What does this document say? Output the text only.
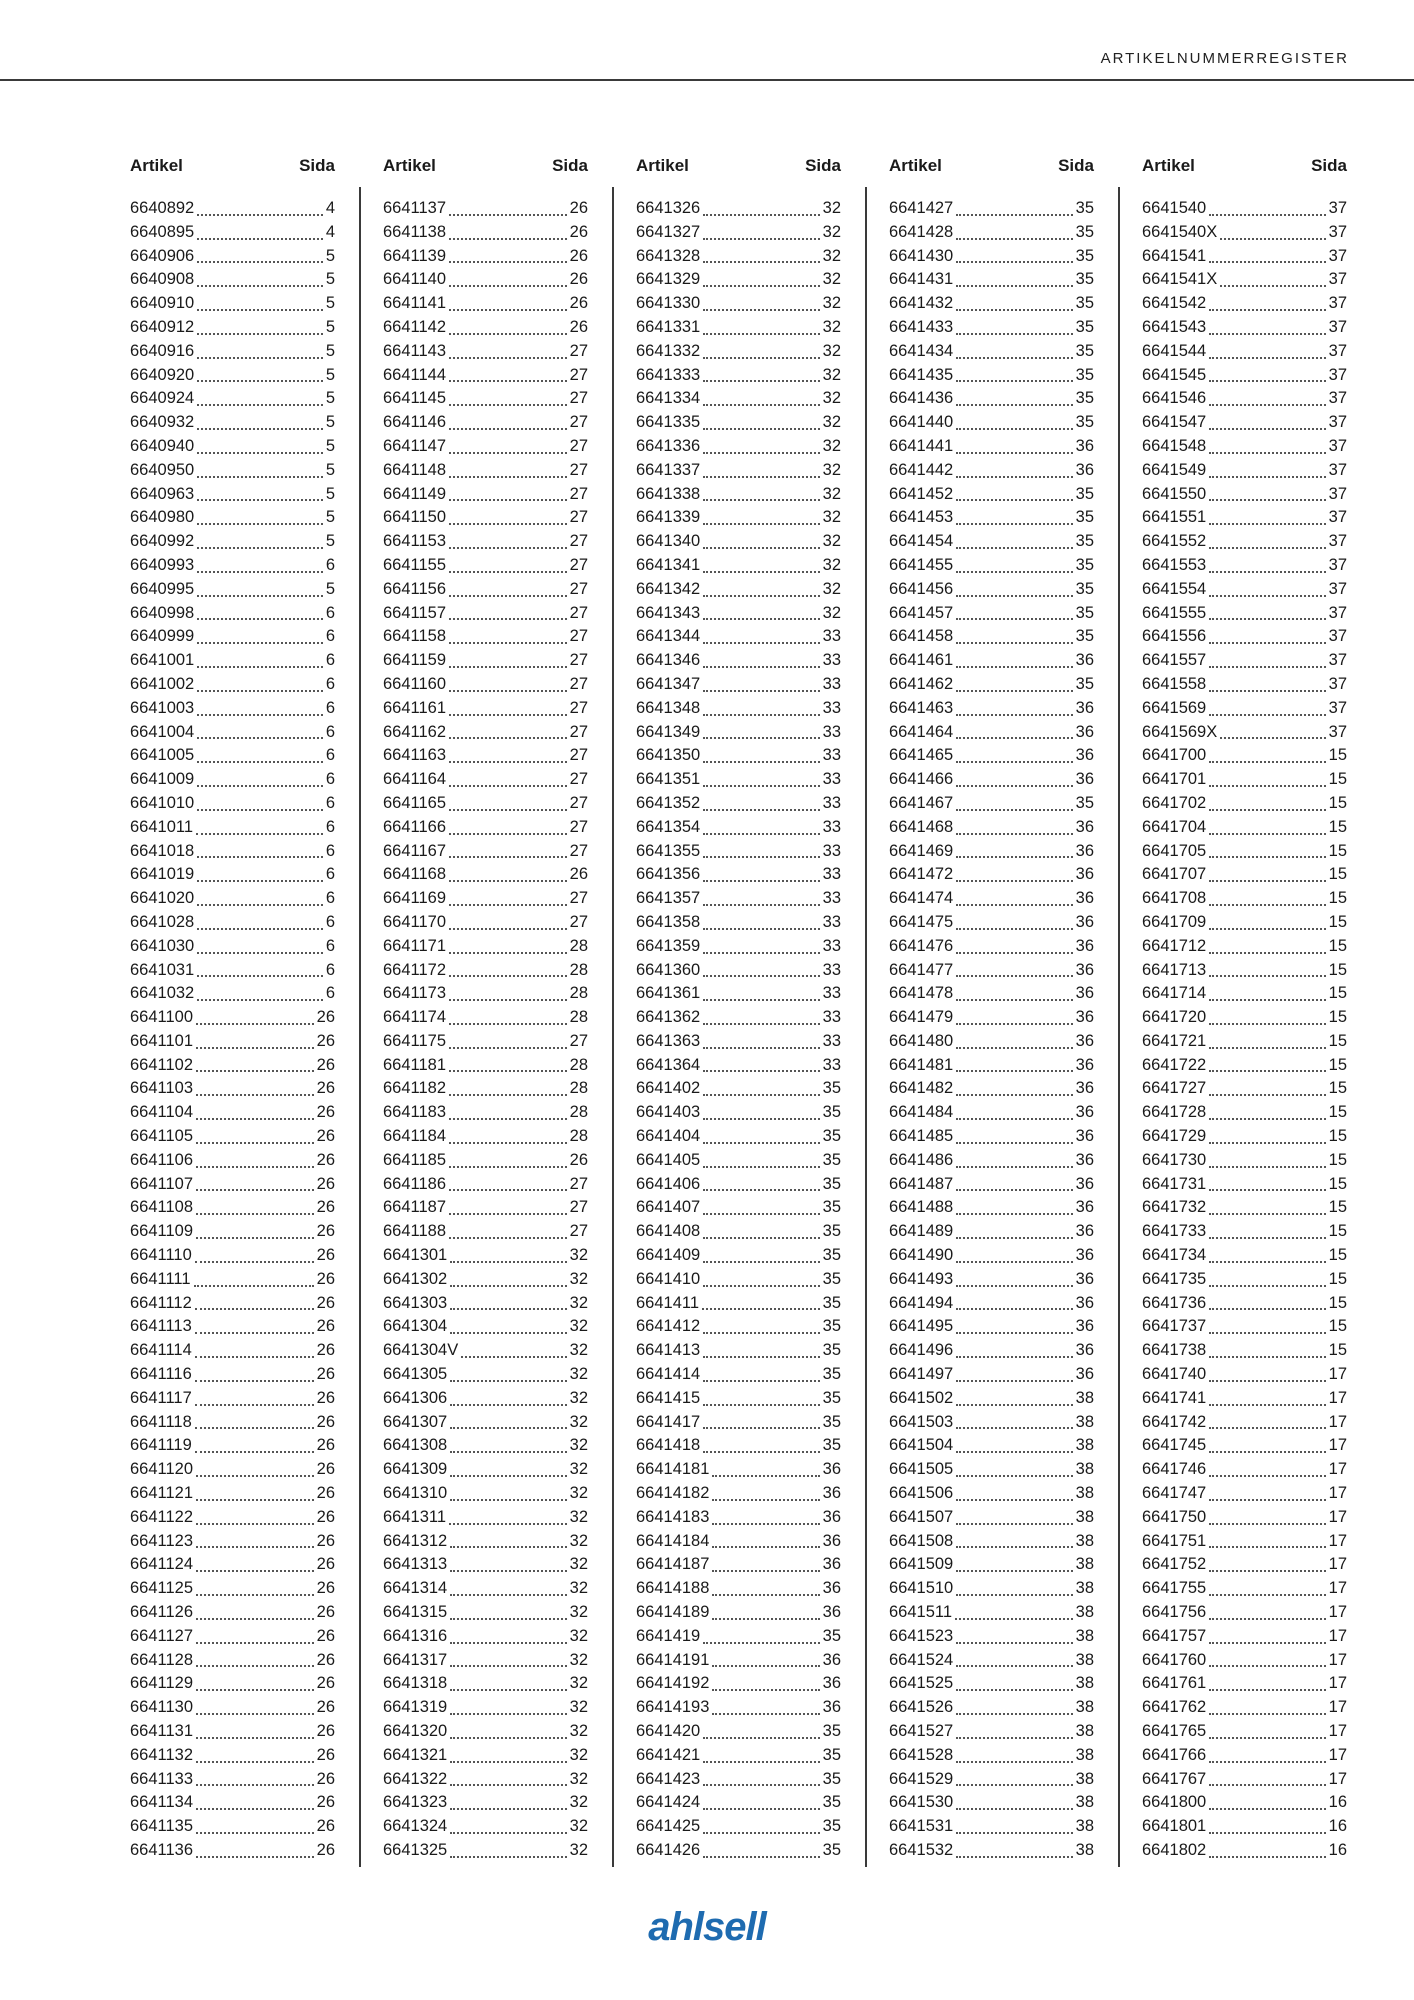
ARTIKELNUMMERREGISTER
Artikel	Sida
6640892	4
6640895	4
6640906	5
6640908	5
6640910	5
6640912	5
6640916	5
6640920	5
6640924	5
6640932	5
6640940	5
6640950	5
6640963	5
6640980	5
6640992	5
6640993	6
6640995	5
6640998	6
6640999	6
6641001	6
6641002	6
6641003	6
6641004	6
6641005	6
6641009	6
6641010	6
6641011	6
6641018	6
6641019	6
6641020	6
6641028	6
6641030	6
6641031	6
6641032	6
6641100	26
6641101	26
6641102	26
6641103	26
6641104	26
6641105	26
6641106	26
6641107	26
6641108	26
6641109	26
6641110	26
6641111	26
6641112	26
6641113	26
6641114	26
6641116	26
6641117	26
6641118	26
6641119	26
6641120	26
6641121	26
6641122	26
6641123	26
6641124	26
6641125	26
6641126	26
6641127	26
6641128	26
6641129	26
6641130	26
6641131	26
6641132	26
6641133	26
6641134	26
6641135	26
6641136	26
Artikel	Sida
6641137	26
6641138	26
6641139	26
6641140	26
6641141	26
6641142	26
6641143	27
6641144	27
6641145	27
6641146	27
6641147	27
6641148	27
6641149	27
6641150	27
6641153	27
6641155	27
6641156	27
6641157	27
6641158	27
6641159	27
6641160	27
6641161	27
6641162	27
6641163	27
6641164	27
6641165	27
6641166	27
6641167	27
6641168	26
6641169	27
6641170	27
6641171	28
6641172	28
6641173	28
6641174	28
6641175	27
6641181	28
6641182	28
6641183	28
6641184	28
6641185	26
6641186	27
6641187	27
6641188	27
6641301	32
6641302	32
6641303	32
6641304	32
6641304V	32
6641305	32
6641306	32
6641307	32
6641308	32
6641309	32
6641310	32
6641311	32
6641312	32
6641313	32
6641314	32
6641315	32
6641316	32
6641317	32
6641318	32
6641319	32
6641320	32
6641321	32
6641322	32
6641323	32
6641324	32
6641325	32
Artikel	Sida
6641326	32
6641327	32
6641328	32
6641329	32
6641330	32
6641331	32
6641332	32
6641333	32
6641334	32
6641335	32
6641336	32
6641337	32
6641338	32
6641339	32
6641340	32
6641341	32
6641342	32
6641343	32
6641344	33
6641346	33
6641347	33
6641348	33
6641349	33
6641350	33
6641351	33
6641352	33
6641354	33
6641355	33
6641356	33
6641357	33
6641358	33
6641359	33
6641360	33
6641361	33
6641362	33
6641363	33
6641364	33
6641402	35
6641403	35
6641404	35
6641405	35
6641406	35
6641407	35
6641408	35
6641409	35
6641410	35
6641411	35
6641412	35
6641413	35
6641414	35
6641415	35
6641417	35
6641418	35
66414181	36
66414182	36
66414183	36
66414184	36
66414187	36
66414188	36
66414189	36
6641419	35
66414191	36
66414192	36
66414193	36
6641420	35
6641421	35
6641423	35
6641424	35
6641425	35
6641426	35
Artikel	Sida
6641427	35
6641428	35
6641430	35
6641431	35
6641432	35
6641433	35
6641434	35
6641435	35
6641436	35
6641440	35
6641441	36
6641442	36
6641452	35
6641453	35
6641454	35
6641455	35
6641456	35
6641457	35
6641458	35
6641461	36
6641462	35
6641463	36
6641464	36
6641465	36
6641466	36
6641467	35
6641468	36
6641469	36
6641472	36
6641474	36
6641475	36
6641476	36
6641477	36
6641478	36
6641479	36
6641480	36
6641481	36
6641482	36
6641484	36
6641485	36
6641486	36
6641487	36
6641488	36
6641489	36
6641490	36
6641493	36
6641494	36
6641495	36
6641496	36
6641497	36
6641502	38
6641503	38
6641504	38
6641505	38
6641506	38
6641507	38
6641508	38
6641509	38
6641510	38
6641511	38
6641523	38
6641524	38
6641525	38
6641526	38
6641527	38
6641528	38
6641529	38
6641530	38
6641531	38
6641532	38
Artikel	Sida
6641540	37
6641540X	37
6641541	37
6641541X	37
6641542	37
6641543	37
6641544	37
6641545	37
6641546	37
6641547	37
6641548	37
6641549	37
6641550	37
6641551	37
6641552	37
6641553	37
6641554	37
6641555	37
6641556	37
6641557	37
6641558	37
6641569	37
6641569X	37
6641700	15
6641701	15
6641702	15
6641704	15
6641705	15
6641707	15
6641708	15
6641709	15
6641712	15
6641713	15
6641714	15
6641720	15
6641721	15
6641722	15
6641727	15
6641728	15
6641729	15
6641730	15
6641731	15
6641732	15
6641733	15
6641734	15
6641735	15
6641736	15
6641737	15
6641738	15
6641740	17
6641741	17
6641742	17
6641745	17
6641746	17
6641747	17
6641750	17
6641751	17
6641752	17
6641755	17
6641756	17
6641757	17
6641760	17
6641761	17
6641762	17
6641765	17
6641766	17
6641767	17
6641800	16
6641801	16
6641802	16
ahlsell
